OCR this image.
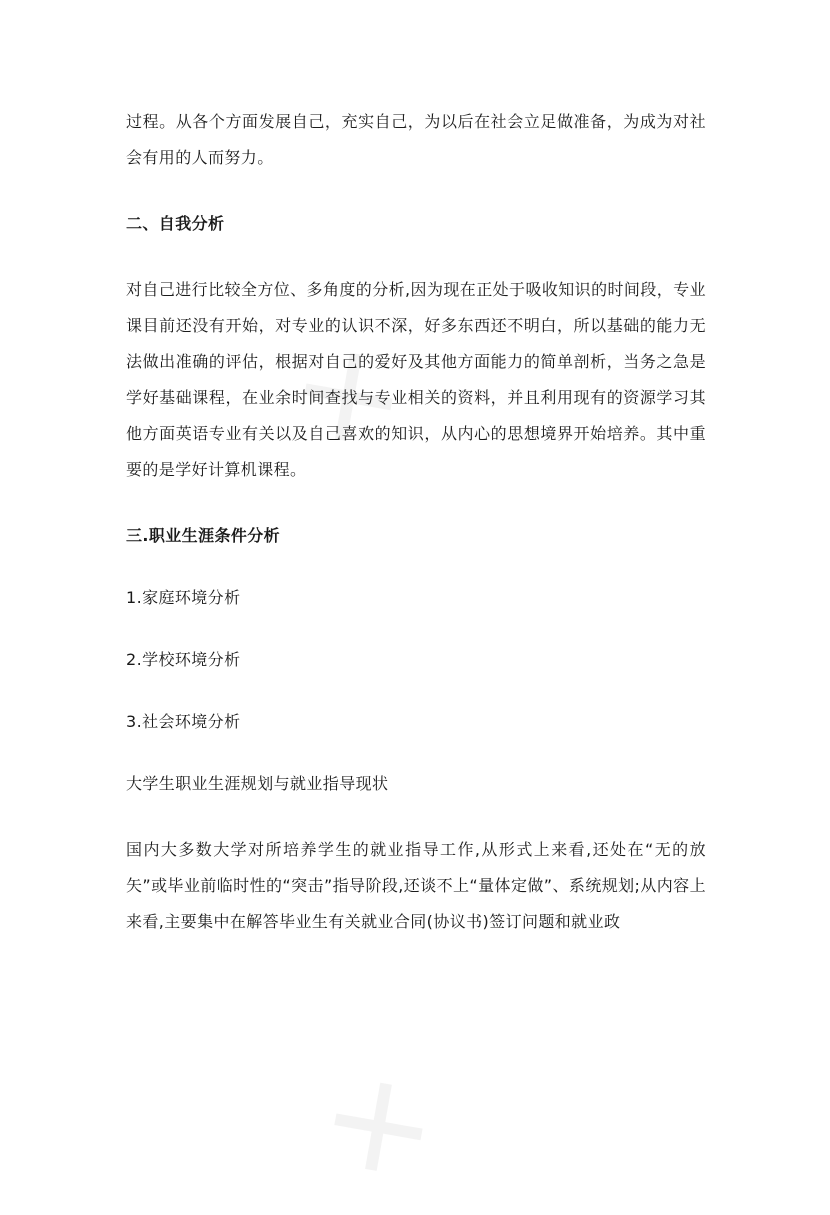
✕
✕

过程。从各个方面发展自己，充实自己，为以后在社会立足做准备，为成为对社会有用的人而努力。

二、自我分析

对自己进行比较全方位、多角度的分析,因为现在正处于吸收知识的时间段，专业课目前还没有开始，对专业的认识不深，好多东西还不明白，所以基础的能力无法做出准确的评估，根据对自己的爱好及其他方面能力的简单剖析，当务之急是学好基础课程，在业余时间查找与专业相关的资料，并且利用现有的资源学习其他方面英语专业有关以及自己喜欢的知识，从内心的思想境界开始培养。其中重要的是学好计算机课程。

三.职业生涯条件分析

1.家庭环境分析

2.学校环境分析

3.社会环境分析

大学生职业生涯规划与就业指导现状

国内大多数大学对所培养学生的就业指导工作,从形式上来看,还处在“无的放矢”或毕业前临时性的“突击”指导阶段,还谈不上“量体定做”、系统规划;从内容上来看,主要集中在解答毕业生有关就业合同(协议书)签订问题和就业政
